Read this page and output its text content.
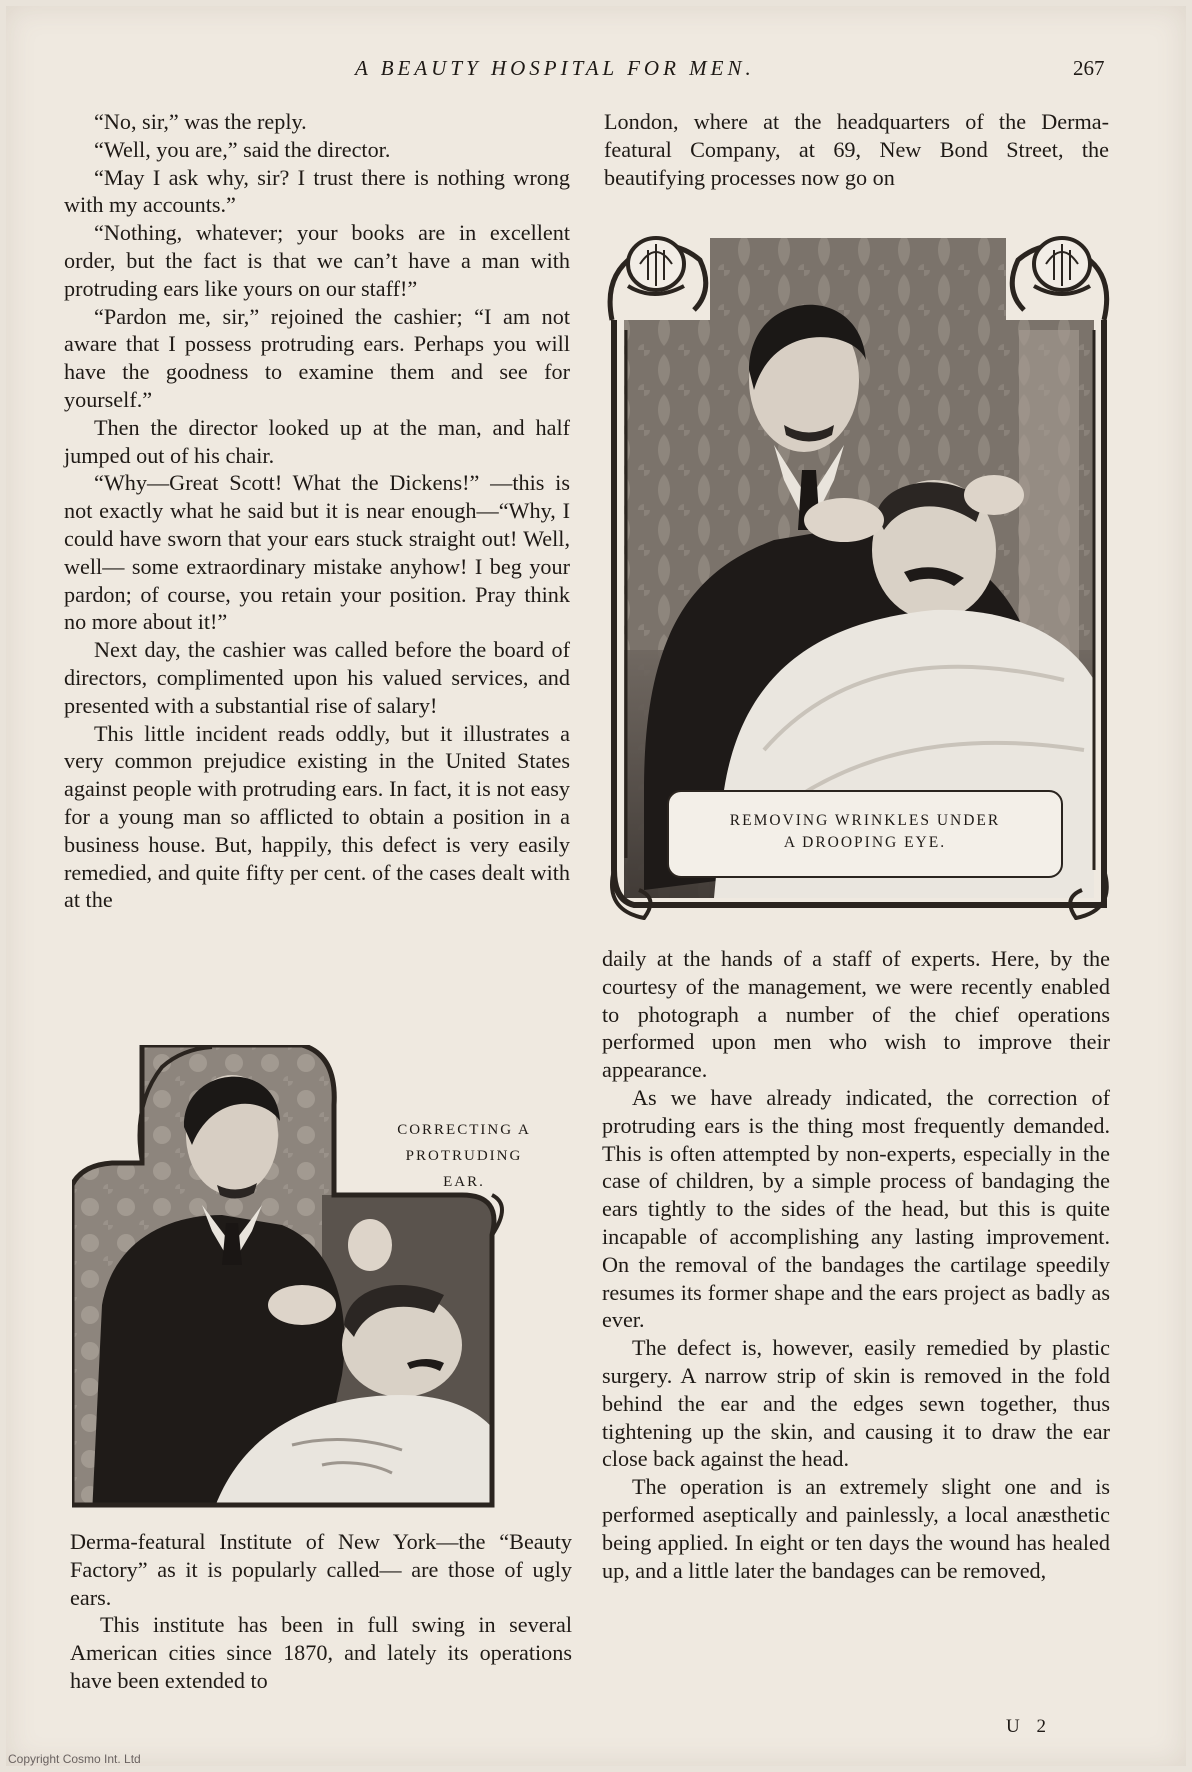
A BEAUTY HOSPITAL FOR MEN.	267

“No, sir,” was the reply.

“Well, you are,” said the director.

“May I ask why, sir? I trust there is nothing wrong with my accounts.”

“Nothing, whatever; your books are in excellent order, but the fact is that we can’t have a man with protruding ears like yours on our staff!”

“Pardon me, sir,” rejoined the cashier; “I am not aware that I possess protruding ears. Perhaps you will have the goodness to examine them and see for yourself.”

Then the director looked up at the man, and half jumped out of his chair.

“Why—Great Scott! What the Dickens!” —this is not exactly what he said but it is near enough—“Why, I could have sworn that your ears stuck straight out! Well, well— some extraordinary mistake anyhow! I beg your pardon; of course, you retain your position. Pray think no more about it!”

Next day, the cashier was called before the board of directors, complimented upon his valued services, and presented with a substantial rise of salary!

This little incident reads oddly, but it illustrates a very common prejudice existing in the United States against people with protruding ears. In fact, it is not easy for a young man so afflicted to obtain a position in a business house. But, happily, this defect is very easily remedied, and quite fifty per cent. of the cases dealt with at the

Derma-featural Institute of New York—the “Beauty Factory” as it is popularly called— are those of ugly ears.

This institute has been in full swing in several American cities since 1870, and lately its operations have been extended to

London, where at the headquarters of the Derma-featural Company, at 69, New Bond Street, the beautifying processes now go on

daily at the hands of a staff of experts. Here, by the courtesy of the management, we were recently enabled to photograph a number of the chief operations performed upon men who wish to improve their appearance.

As we have already indicated, the correction of protruding ears is the thing most frequently demanded. This is often attempted by non-experts, especially in the case of children, by a simple process of bandaging the ears tightly to the sides of the head, but this is quite incapable of accomplishing any lasting improvement. On the removal of the bandages the cartilage speedily resumes its former shape and the ears project as badly as ever.

The defect is, however, easily remedied by plastic surgery. A narrow strip of skin is removed in the fold behind the ear and the edges sewn together, thus tightening up the skin, and causing it to draw the ear close back against the head.

The operation is an extremely slight one and is performed aseptically and painlessly, a local anæsthetic being applied. In eight or ten days the wound has healed up, and a little later the bandages can be removed,

REMOVING WRINKLES UNDER
A DROOPING EYE.
CORRECTING A
PROTRUDING
EAR.
U 2
Copyright Cosmo Int. Ltd
